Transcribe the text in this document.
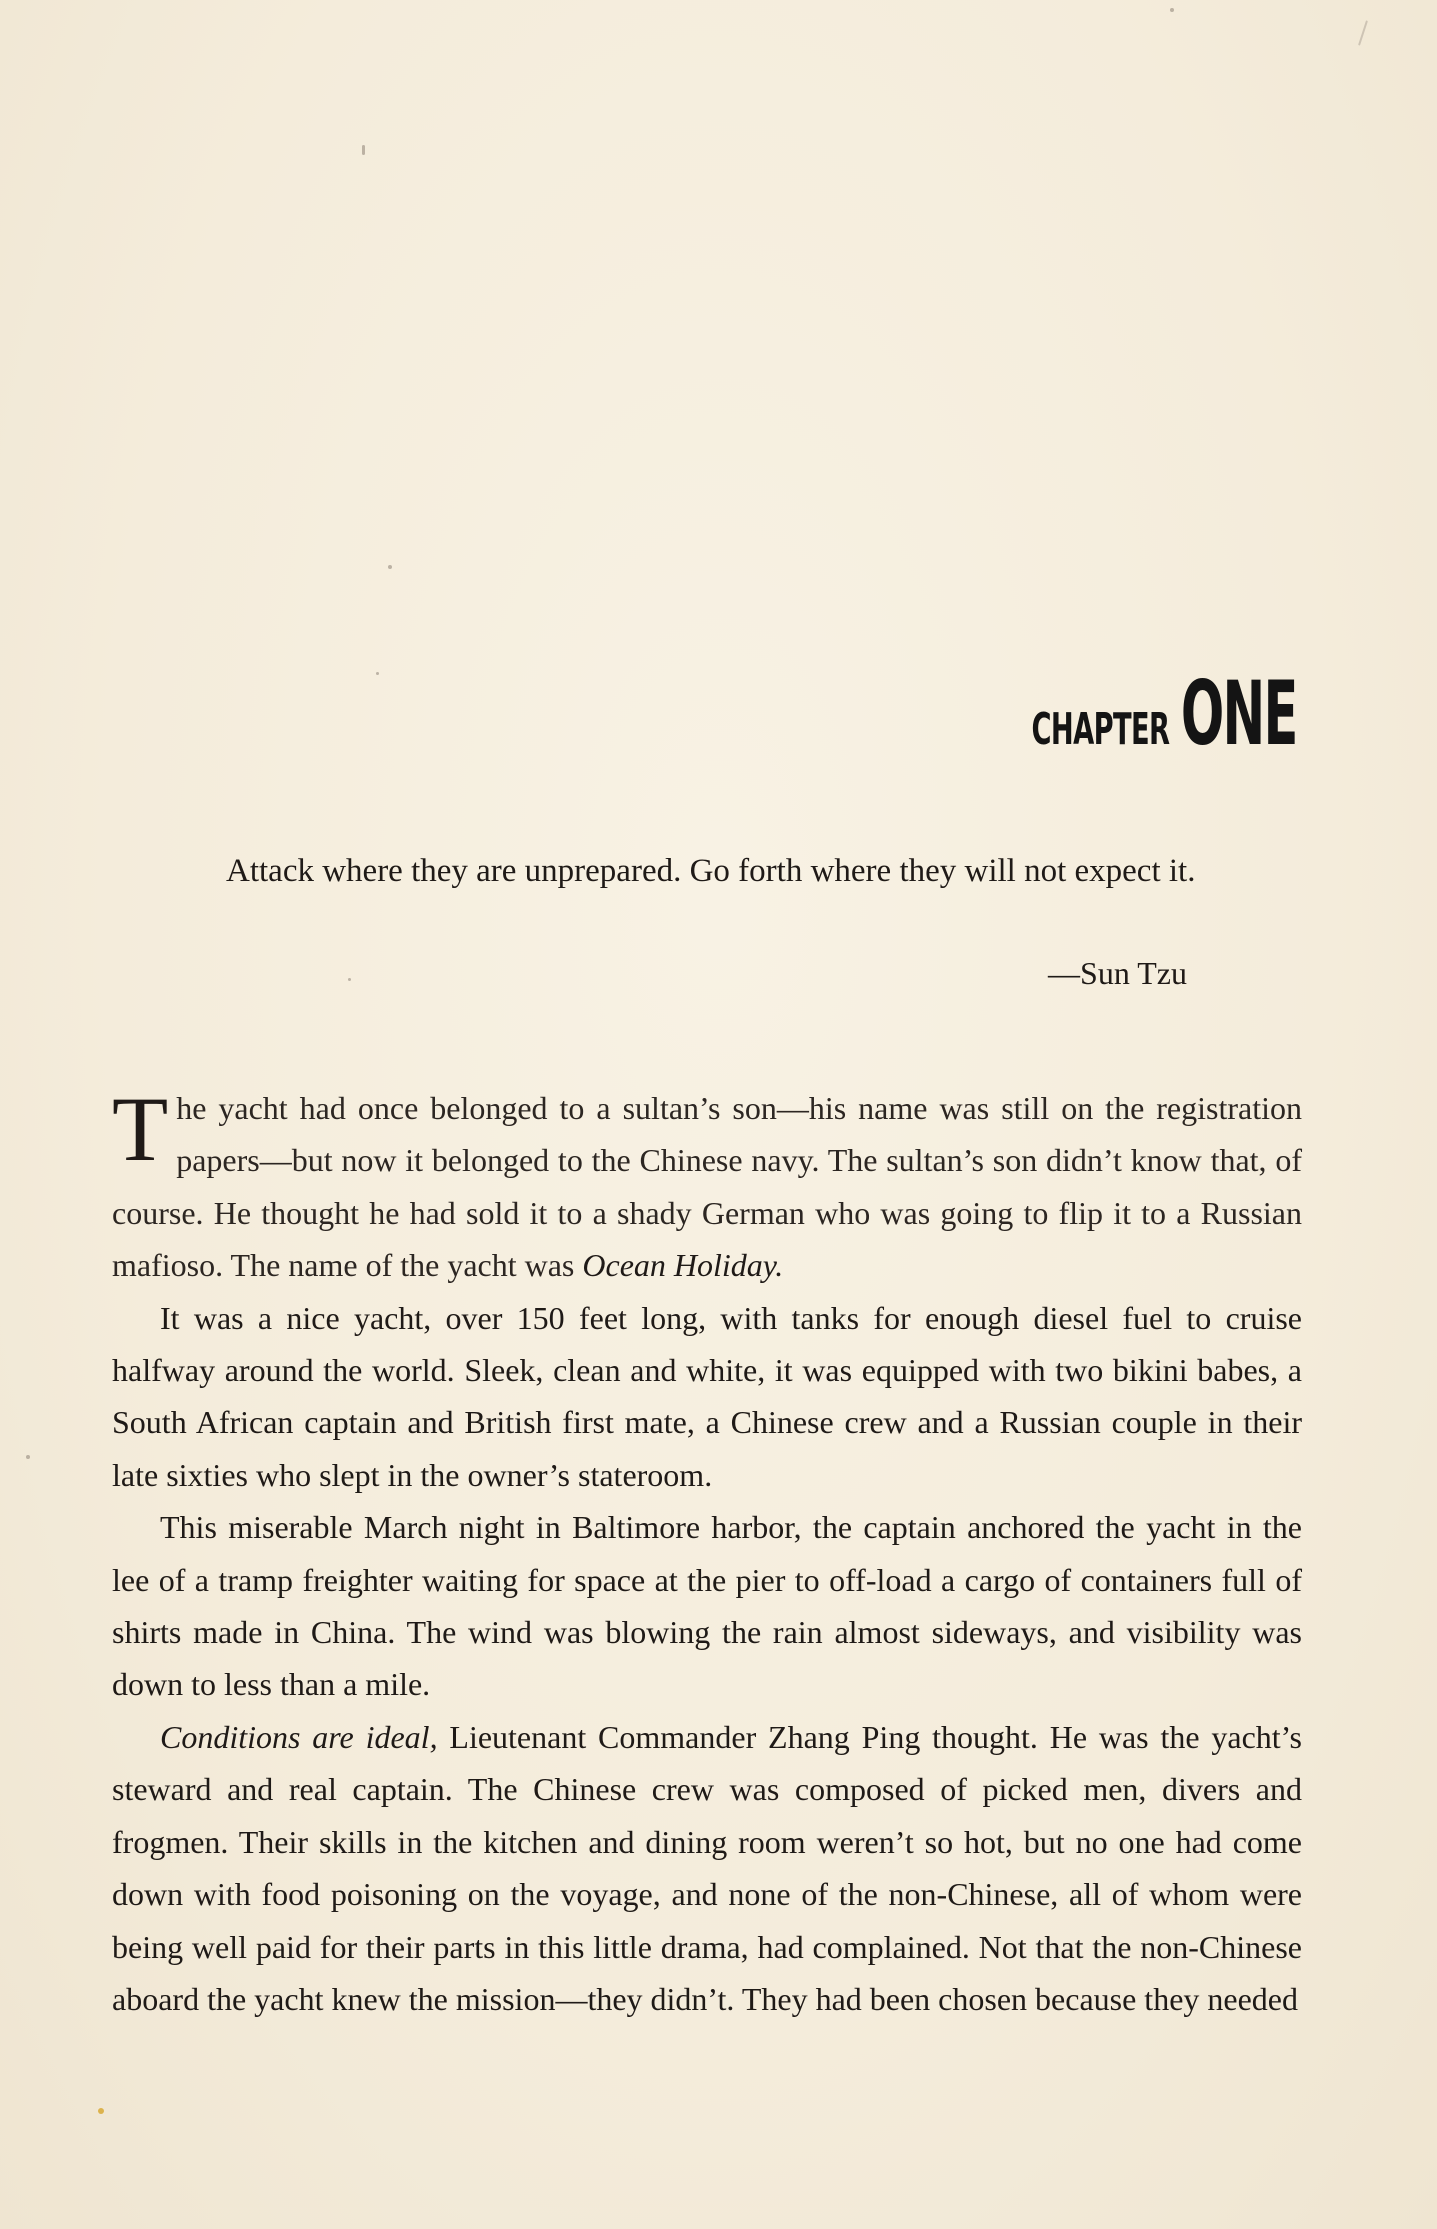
CHAPTER ONE
Attack where they are unprepared. Go forth where they will not expect it.
—Sun Tzu

The yacht had once belonged to a sultan’s son—his name was still on the registration papers—but now it belonged to the Chinese navy. The sultan’s son didn’t know that, of course. He thought he had sold it to a shady German who was going to flip it to a Russian mafioso. The name of the yacht was Ocean Holiday.

It was a nice yacht, over 150 feet long, with tanks for enough diesel fuel to cruise halfway around the world. Sleek, clean and white, it was equipped with two bikini babes, a South African captain and British first mate, a Chinese crew and a Russian couple in their late sixties who slept in the owner’s stateroom.

This miserable March night in Baltimore harbor, the captain anchored the yacht in the lee of a tramp freighter waiting for space at the pier to off-load a cargo of containers full of shirts made in China. The wind was blowing the rain almost sideways, and visibility was down to less than a mile.

Conditions are ideal, Lieutenant Commander Zhang Ping thought. He was the yacht’s steward and real captain. The Chinese crew was composed of picked men, divers and frogmen. Their skills in the kitchen and dining room weren’t so hot, but no one had come down with food poisoning on the voyage, and none of the non-Chinese, all of whom were being well paid for their parts in this little drama, had complained. Not that the non-Chinese aboard the yacht knew the mission—they didn’t. They had been chosen because they needed
